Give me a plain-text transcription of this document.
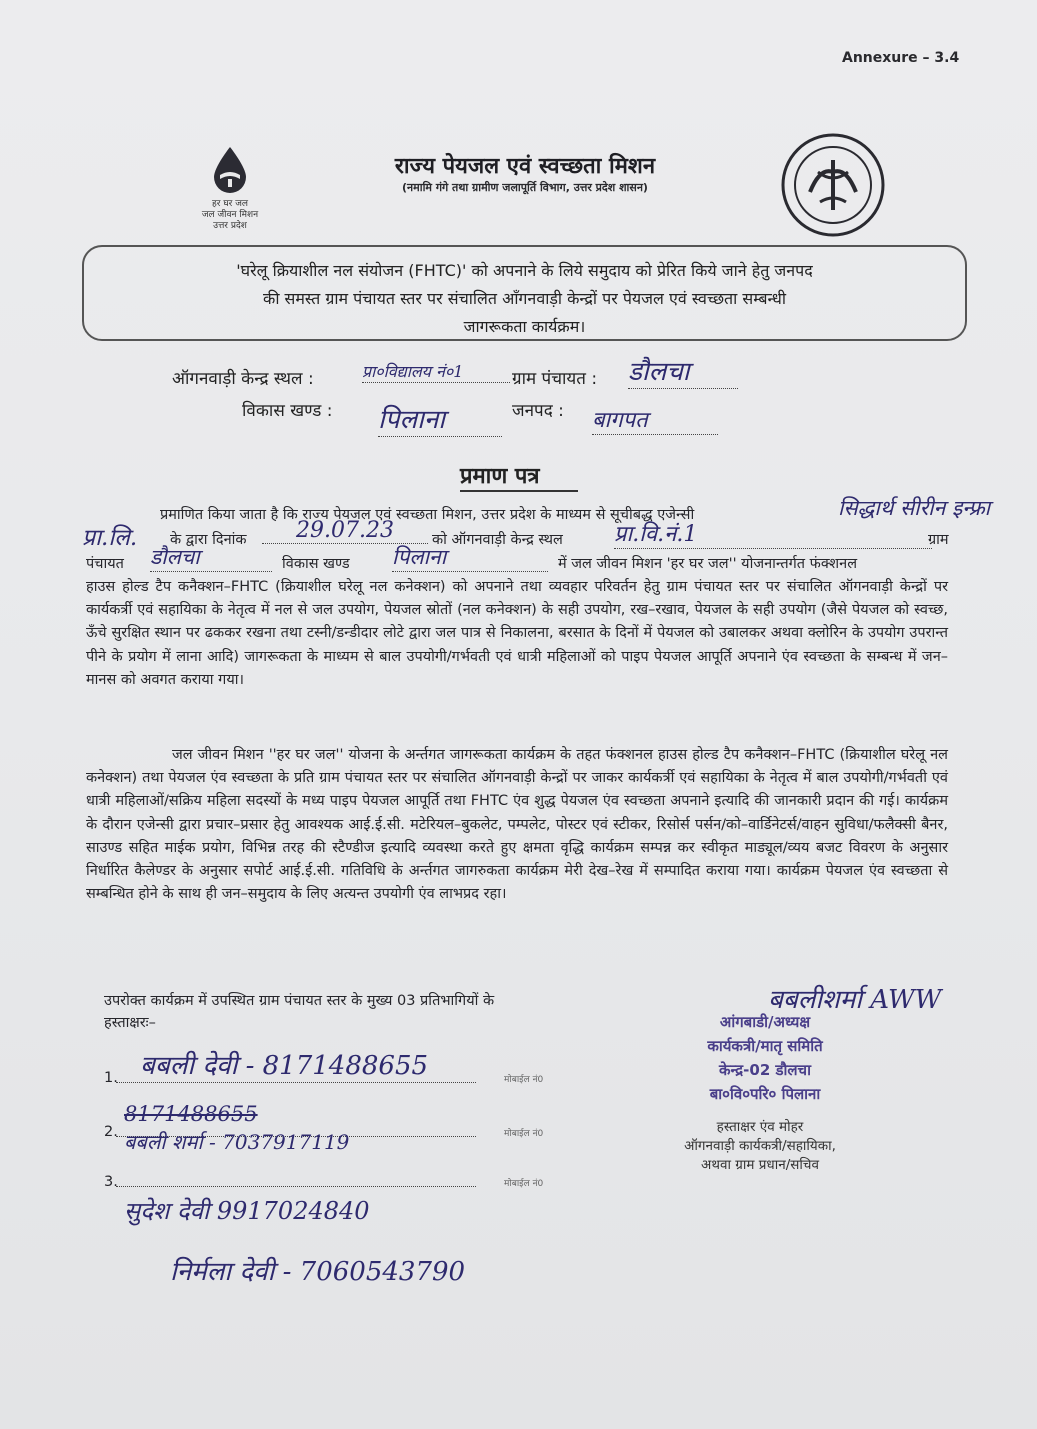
Annexure – 3.4
हर घर जल
जल जीवन मिशन
उत्तर प्रदेश
राज्य पेयजल एवं स्वच्छता मिशन
(नमामि गंगे तथा ग्रामीण जलापूर्ति विभाग, उत्तर प्रदेश शासन)
'घरेलू क्रियाशील नल संयोजन (FHTC)' को अपनाने के लिये समुदाय को प्रेरित किये जाने हेतु जनपद
की समस्त ग्राम पंचायत स्तर पर संचालित आँगनवाड़ी केन्द्रों पर पेयजल एवं स्वच्छता सम्बन्धी
जागरूकता कार्यक्रम।
ऑगनवाड़ी केन्द्र स्थल :	प्रा०विद्यालय नं०1	ग्राम पंचायत : डौलचा
विकास खण्ड : पिलाना	जनपद : बागपत
प्रमाण पत्र
प्रमाणित किया जाता है कि राज्य पेयजल एवं स्वच्छता मिशन, उत्तर प्रदेश के माध्यम से सूचीबद्ध एजेन्सी	सिद्धार्थ सीरीन इन्फ्रा
प्रा.लि. के द्वारा दिनांक	29.07.23	को ऑगनवाड़ी केन्द्र स्थल प्रा.वि.नं.1	ग्राम
पंचायत डौलचा	विकास खण्ड पिलाना	में जल जीवन मिशन 'हर घर जल'' योजनान्तर्गत फंक्शनल
हाउस होल्ड टैप कनैक्शन–FHTC (क्रियाशील घरेलू नल कनेक्शन) को अपनाने तथा व्यवहार परिवर्तन हेतु ग्राम पंचायत स्तर पर संचालित ऑगनवाड़ी केन्द्रों पर कार्यकर्त्री एवं सहायिका के नेतृत्व में नल से जल उपयोग, पेयजल स्रोतों (नल कनेक्शन) के सही उपयोग, रख–रखाव, पेयजल के सही उपयोग (जैसे पेयजल को स्वच्छ, ऊँचे सुरक्षित स्थान पर ढककर रखना तथा टस्नी/डन्डीदार लोटे द्वारा जल पात्र से निकालना, बरसात के दिनों में पेयजल को उबालकर अथवा क्लोरिन के उपयोग उपरान्त पीने के प्रयोग में लाना आदि) जागरूकता के माध्यम से बाल उपयोगी/गर्भवती एवं धात्री महिलाओं को पाइप पेयजल आपूर्ति अपनाने एंव स्वच्छता के सम्बन्ध में जन–मानस को अवगत कराया गया।
जल जीवन मिशन ''हर घर जल'' योजना के अर्न्तगत जागरूकता कार्यक्रम के तहत फंक्शनल हाउस होल्ड टैप कनैक्शन–FHTC (क्रियाशील घरेलू नल कनेक्शन) तथा पेयजल एंव स्वच्छता के प्रति ग्राम पंचायत स्तर पर संचालित ऑगनवाड़ी केन्द्रों पर जाकर कार्यकर्त्री एवं सहायिका के नेतृत्व में बाल उपयोगी/गर्भवती एवं धात्री महिलाओं/सक्रिय महिला सदस्यों के मध्य पाइप पेयजल आपूर्ति तथा FHTC एंव शुद्ध पेयजल एंव स्वच्छता अपनाने इत्यादि की जानकारी प्रदान की गई। कार्यक्रम के दौरान एजेन्सी द्वारा प्रचार–प्रसार हेतु आवश्यक आई.ई.सी. मटेरियल–बुकलेट, पम्पलेट, पोस्टर एवं स्टीकर, रिसोर्स पर्सन/को–वार्डिनेटर्स/वाहन सुविधा/फलैक्सी बैनर, साउण्ड सहित माईक प्रयोग, विभिन्न तरह की स्टैण्डीज इत्यादि व्यवस्था करते हुए क्षमता वृद्धि कार्यक्रम सम्पन्न कर स्वीकृत माड्यूल/व्यय बजट विवरण के अनुसार निर्धारित कैलेण्डर के अनुसार सपोर्ट आई.ई.सी. गतिविधि के अर्न्तगत जागरुकता कार्यक्रम मेरी देख–रेख में सम्पादित कराया गया। कार्यक्रम पेयजल एंव स्वच्छता से सम्बन्धित होने के साथ ही जन–समुदाय के लिए अत्यन्त उपयोगी एंव लाभप्रद रहा।
उपरोक्त कार्यक्रम में उपस्थित ग्राम पंचायत स्तर के मुख्य 03 प्रतिभागियों के
हस्ताक्षरः–
1. बबली देवी - 8171488655	मोबाईल नं0
8171488655
2. बबली शर्मा - 7037917119	मोबाईल नं0
3.	मोबाईल नं0
सुदेश देवी 9917024840
निर्मला देवी - 7060543790
बबलीशर्मा AWW
आंगबाडी/अध्यक्ष
कार्यकत्री/मातृ समिति
केन्द्र-02 डौलचा
बा०वि०परि० पिलाना
हस्ताक्षर एंव मोहर
ऑगनवाड़ी कार्यकत्री/सहायिका,
अथवा ग्राम प्रधान/सचिव
